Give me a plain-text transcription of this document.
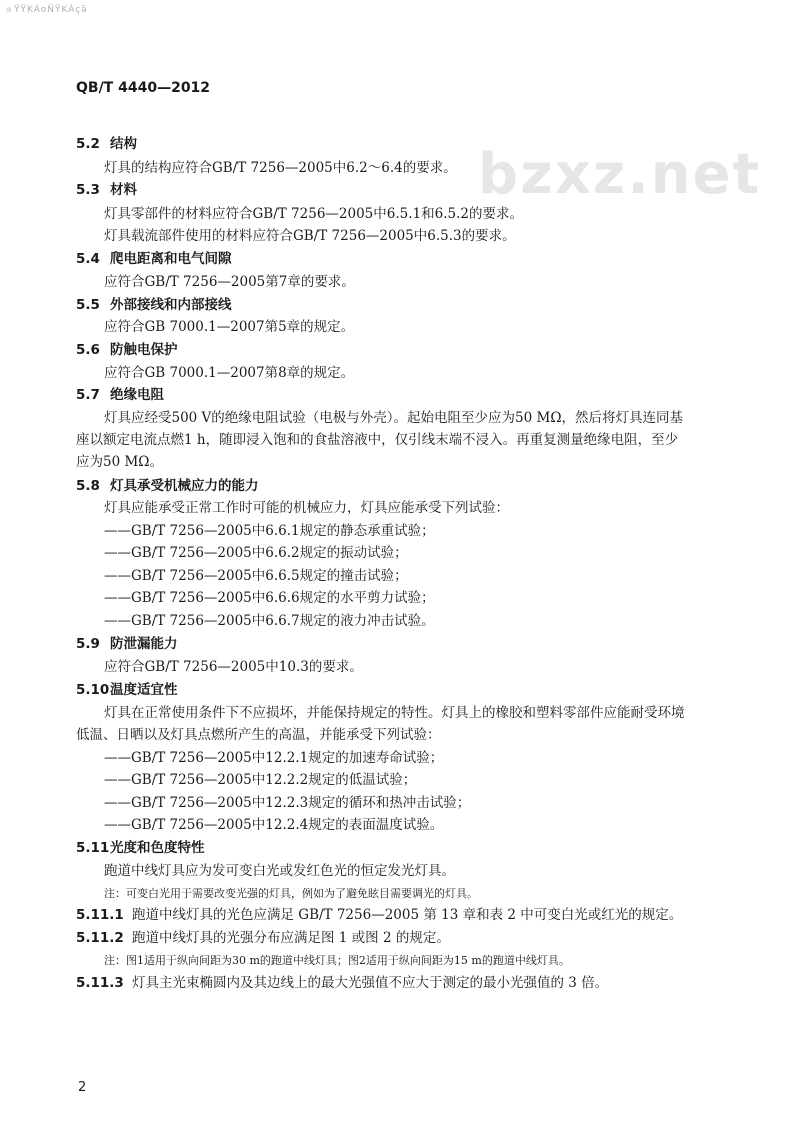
ョΫΫKÁoÑΫKÀçã
bzxz.net
QB/T 4440—2012
5.2 结构
灯具的结构应符合GB/T 7256—2005中6.2～6.4的要求。
5.3 材料
灯具零部件的材料应符合GB/T 7256—2005中6.5.1和6.5.2的要求。
灯具载流部件使用的材料应符合GB/T 7256—2005中6.5.3的要求。
5.4 爬电距离和电气间隙
应符合GB/T 7256—2005第7章的要求。
5.5 外部接线和内部接线
应符合GB 7000.1—2007第5章的规定。
5.6 防触电保护
应符合GB 7000.1—2007第8章的规定。
5.7 绝缘电阻
灯具应经受500 V的绝缘电阻试验（电极与外壳）。起始电阻至少应为50 MΩ，然后将灯具连同基
座以额定电流点燃1 h，随即浸入饱和的食盐溶液中，仅引线末端不浸入。再重复测量绝缘电阻，至少
应为50 MΩ。
5.8 灯具承受机械应力的能力
灯具应能承受正常工作时可能的机械应力，灯具应能承受下列试验：
——GB/T 7256—2005中6.6.1规定的静态承重试验；
——GB/T 7256—2005中6.6.2规定的振动试验；
——GB/T 7256—2005中6.6.5规定的撞击试验；
——GB/T 7256—2005中6.6.6规定的水平剪力试验；
——GB/T 7256—2005中6.6.7规定的液力冲击试验。
5.9 防泄漏能力
应符合GB/T 7256—2005中10.3的要求。
5.10温度适宜性
灯具在正常使用条件下不应损坏，并能保持规定的特性。灯具上的橡胶和塑料零部件应能耐受环境
低温、日晒以及灯具点燃所产生的高温，并能承受下列试验：
——GB/T 7256—2005中12.2.1规定的加速寿命试验；
——GB/T 7256—2005中12.2.2规定的低温试验；
——GB/T 7256—2005中12.2.3规定的循环和热冲击试验；
——GB/T 7256—2005中12.2.4规定的表面温度试验。
5.11光度和色度特性
跑道中线灯具应为发可变白光或发红色光的恒定发光灯具。
注：可变白光用于需要改变光强的灯具，例如为了避免眩目需要调光的灯具。
5.11.1 跑道中线灯具的光色应满足 GB/T 7256—2005 第 13 章和表 2 中可变白光或红光的规定。
5.11.2 跑道中线灯具的光强分布应满足图 1 或图 2 的规定。
注：图1适用于纵向间距为30 m的跑道中线灯具；图2适用于纵向间距为15 m的跑道中线灯具。
5.11.3 灯具主光束椭圆内及其边线上的最大光强值不应大于测定的最小光强值的 3 倍。
2
